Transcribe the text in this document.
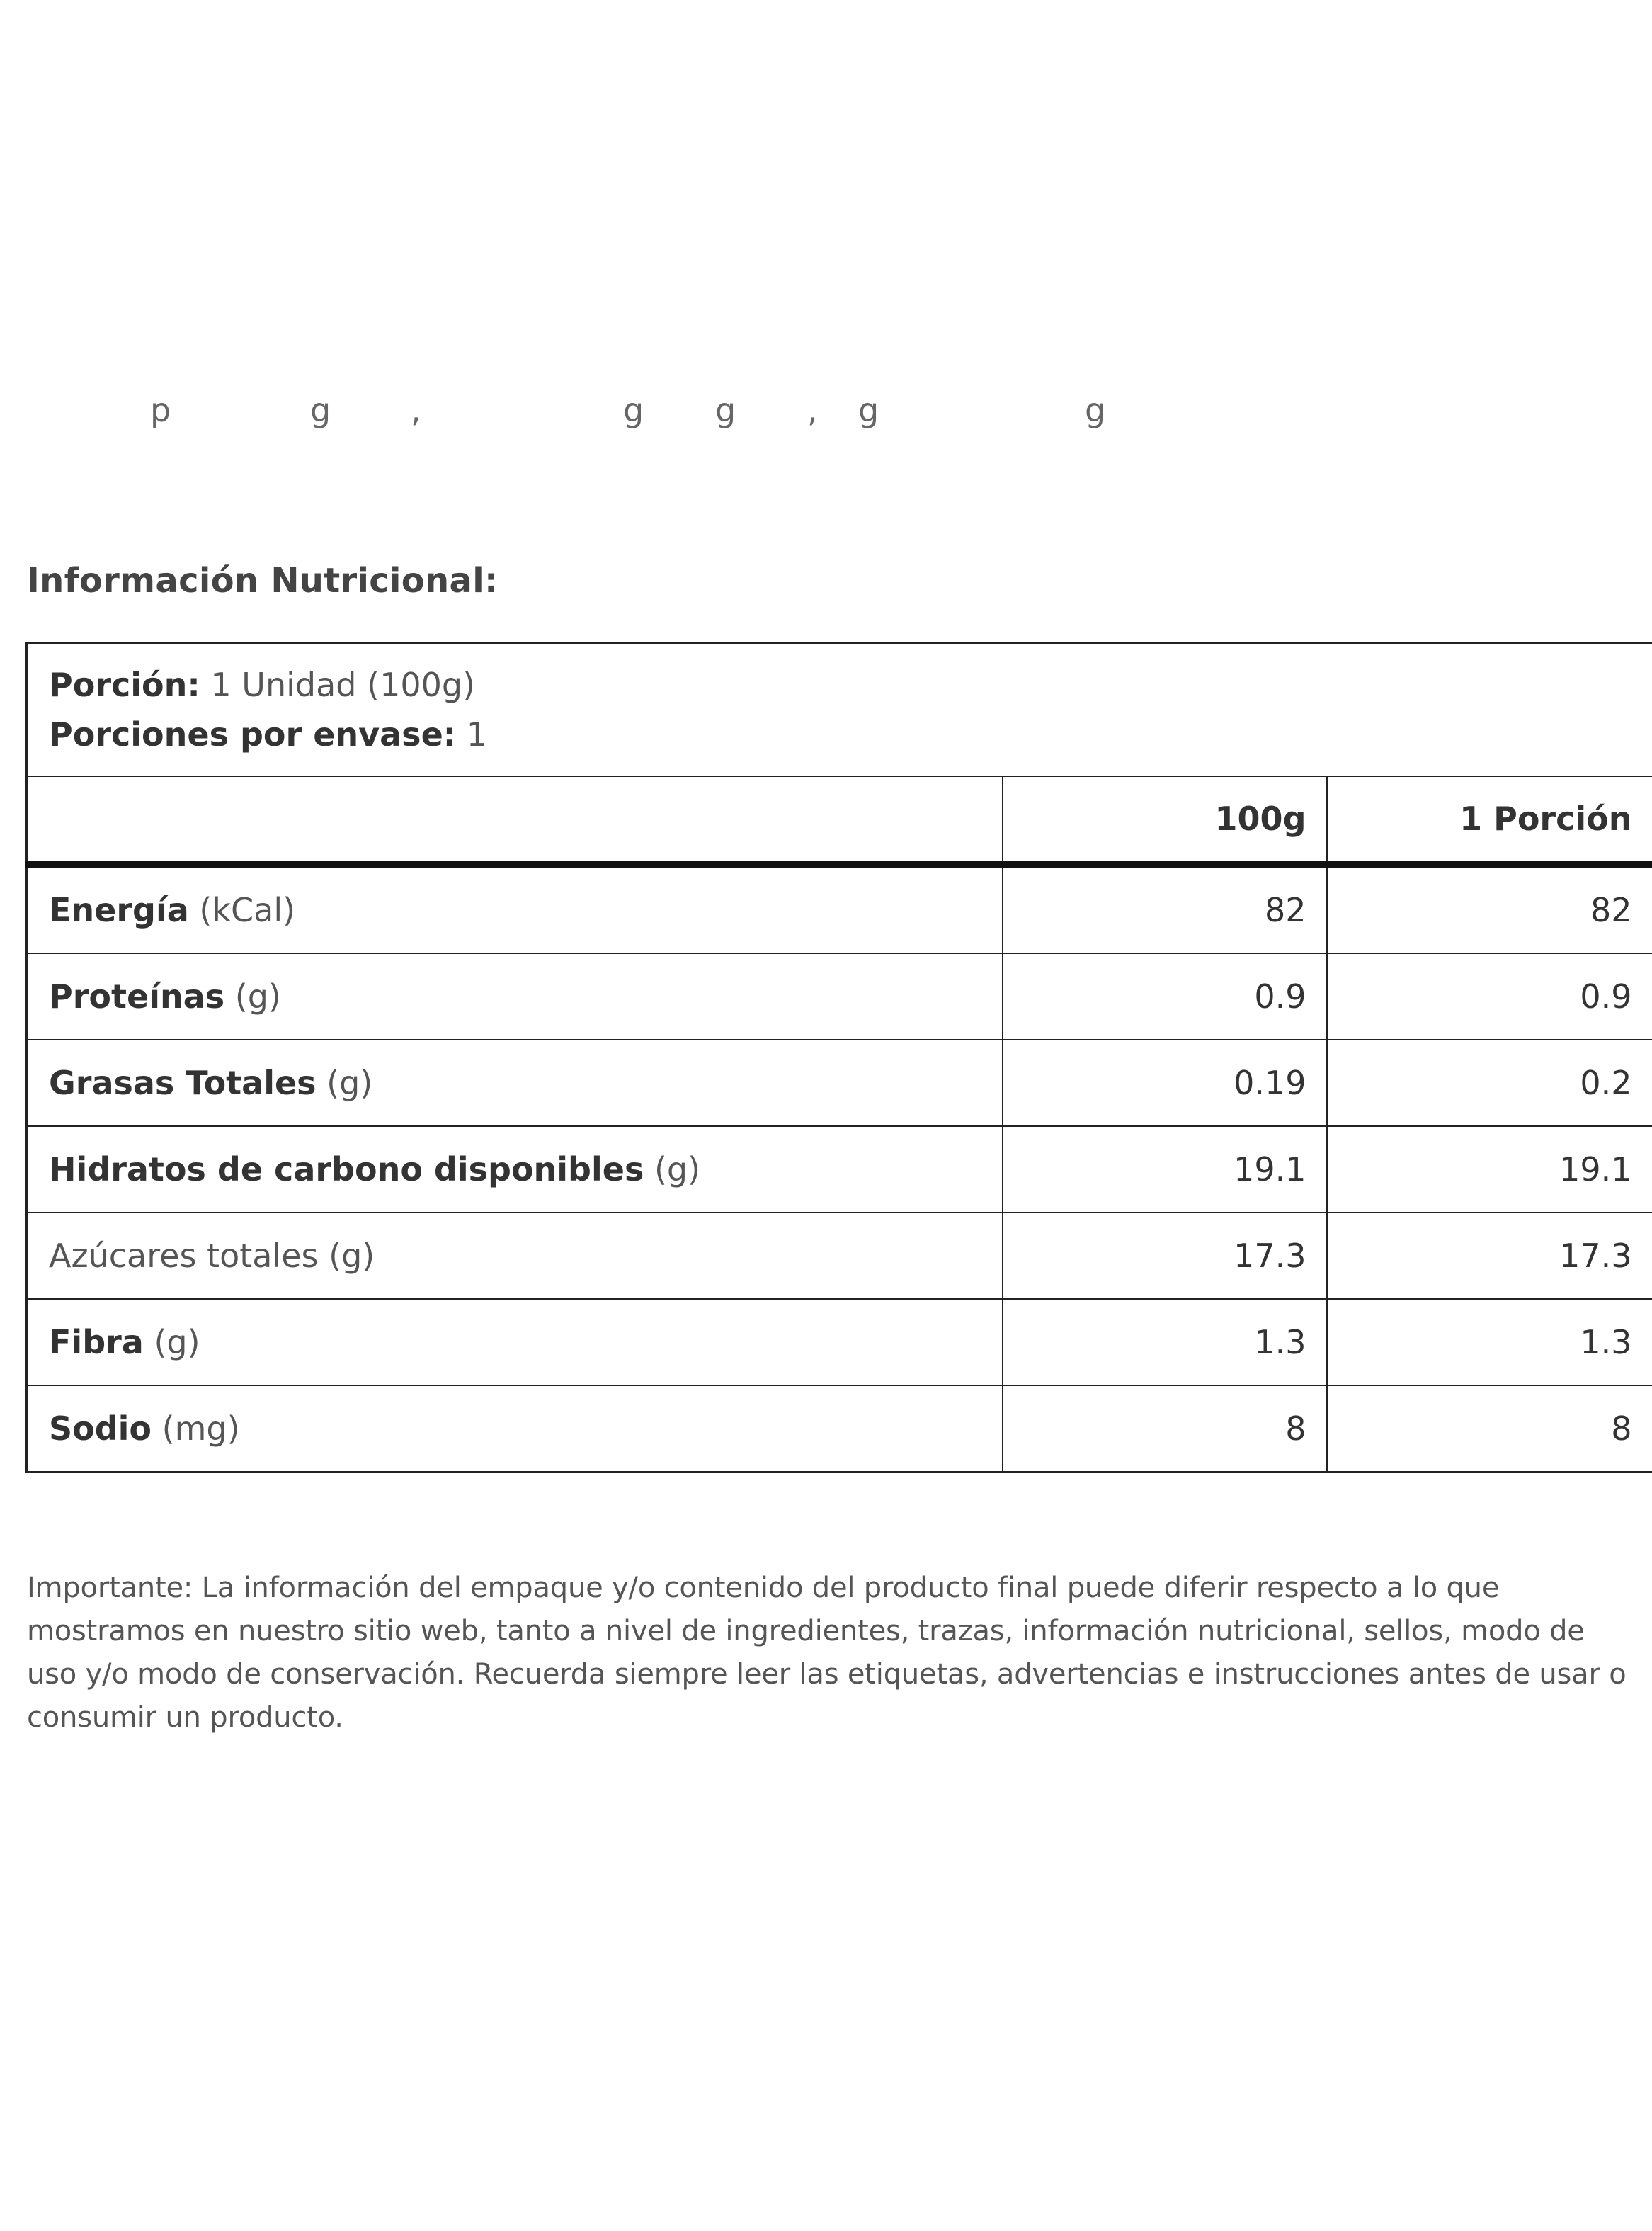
p	g ,	g g , g	g
Información Nutricional:
Porción: 1 Unidad (100g)
Porciones por envase: 1		

	100g	1 Porción
Energía (kCal)	82	82
Proteínas (g)	0.9	0.9
Grasas Totales (g)	0.19	0.2
Hidratos de carbono disponibles (g)	19.1	19.1
Azúcares totales (g)	17.3	17.3
Fibra (g)	1.3	1.3
Sodio (mg)	8	8

Importante: La información del empaque y/o contenido del producto final puede diferir respecto a lo que mostramos en nuestro sitio web, tanto a nivel de ingredientes, trazas, información nutricional, sellos, modo de uso y/o modo de conservación. Recuerda siempre leer las etiquetas, advertencias e instrucciones antes de usar o consumir un producto.
